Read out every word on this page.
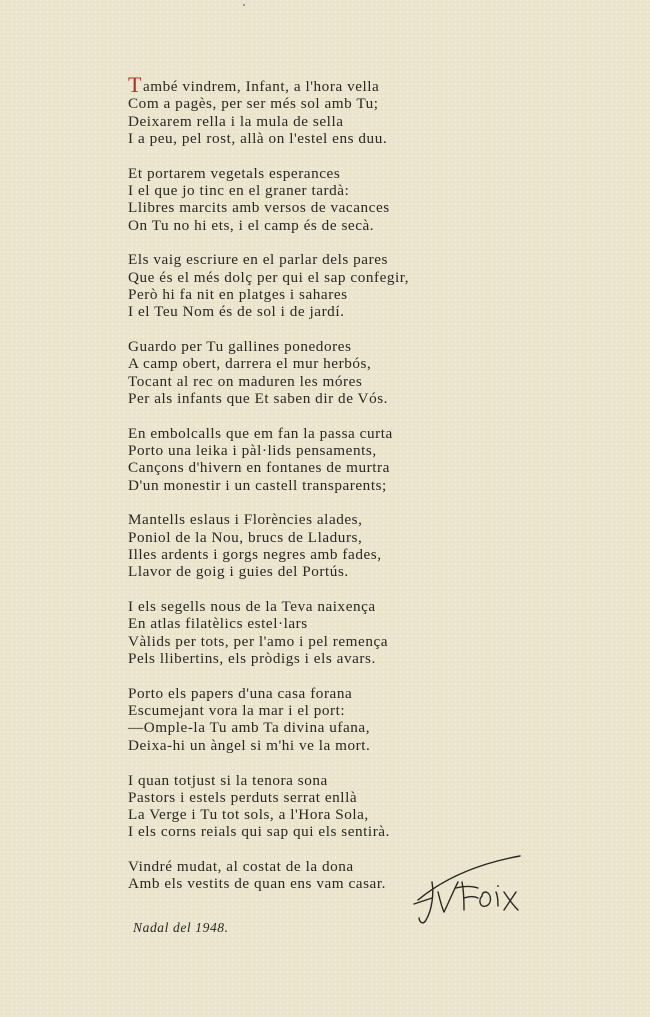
També vindrem, Infant, a l'hora vella
Com a pagès, per ser més sol amb Tu;
Deixarem rella i la mula de sella
I a peu, pel rost, allà on l'estel ens duu.
Et portarem vegetals esperances
I el que jo tinc en el graner tardà:
Llibres marcits amb versos de vacances
On Tu no hi ets, i el camp és de secà.
Els vaig escriure en el parlar dels pares
Que és el més dolç per qui el sap confegir,
Però hi fa nit en platges i sahares
I el Teu Nom és de sol i de jardí.
Guardo per Tu gallines ponedores
A camp obert, darrera el mur herbós,
Tocant al rec on maduren les móres
Per als infants que Et saben dir de Vós.
En embolcalls que em fan la passa curta
Porto una leika i pàl·lids pensaments,
Cançons d'hivern en fontanes de murtra
D'un monestir i un castell transparents;
Mantells eslaus i Florències alades,
Poniol de la Nou, brucs de Lladurs,
Illes ardents i gorgs negres amb fades,
Llavor de goig i guies del Portús.
I els segells nous de la Teva naixença
En atlas filatèlics estel·lars
Vàlids per tots, per l'amo i pel remença
Pels llibertins, els pròdigs i els avars.
Porto els papers d'una casa forana
Escumejant vora la mar i el port:
—Omple-la Tu amb Ta divina ufana,
Deixa-hi un àngel si m'hi ve la mort.
I quan totjust si la tenora sona
Pastors i estels perduts serrat enllà
La Verge i Tu tot sols, a l'Hora Sola,
I els corns reials qui sap qui els sentirà.
Vindré mudat, al costat de la dona
Amb els vestits de quan ens vam casar.
Nadal del 1948.
